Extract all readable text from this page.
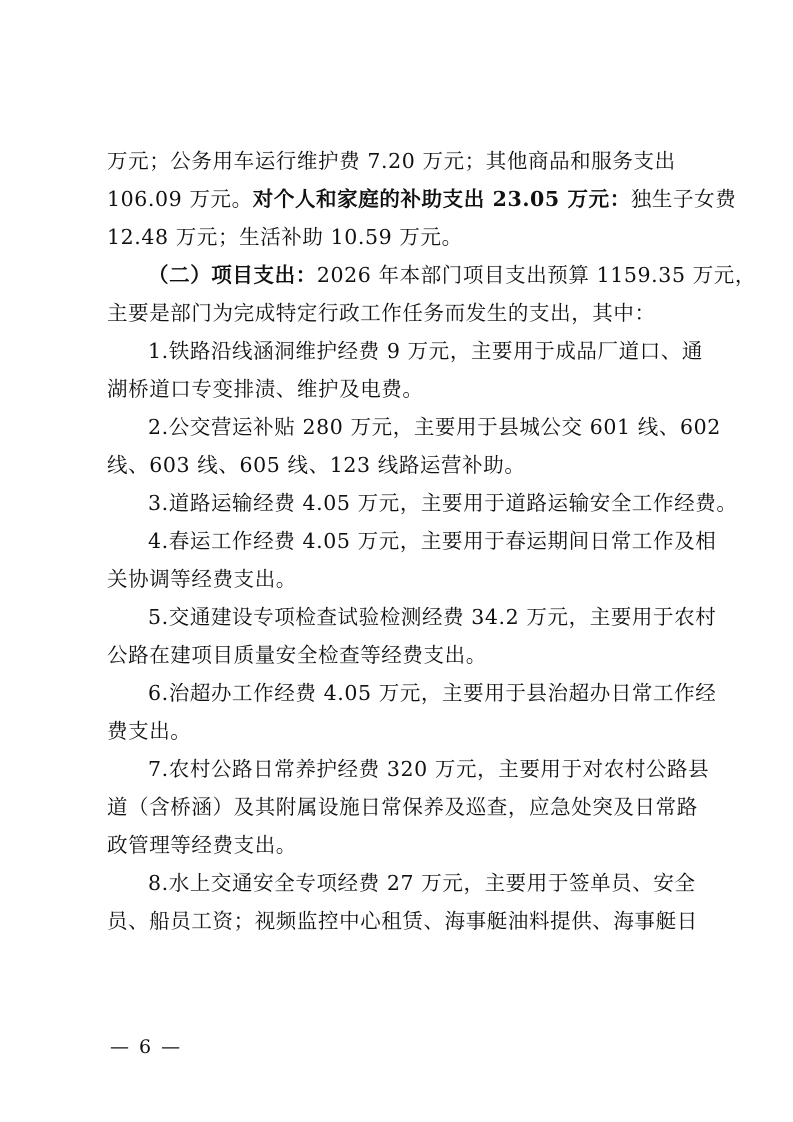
万元；公务用车运行维护费 7.20 万元；其他商品和服务支出
106.09 万元。对个人和家庭的补助支出 23.05 万元：独生子女费
12.48 万元；生活补助 10.59 万元。
（二）项目支出：2026 年本部门项目支出预算 1159.35 万元，
主要是部门为完成特定行政工作任务而发生的支出，其中：
1.铁路沿线涵洞维护经费 9 万元，主要用于成品厂道口、通
湖桥道口专变排渍、维护及电费。
2.公交营运补贴 280 万元，主要用于县城公交 601 线、602
线、603 线、605 线、123 线路运营补助。
3.道路运输经费 4.05 万元，主要用于道路运输安全工作经费。
4.春运工作经费 4.05 万元，主要用于春运期间日常工作及相
关协调等经费支出。
5.交通建设专项检查试验检测经费 34.2 万元，主要用于农村
公路在建项目质量安全检查等经费支出。
6.治超办工作经费 4.05 万元，主要用于县治超办日常工作经
费支出。
7.农村公路日常养护经费 320 万元，主要用于对农村公路县
道（含桥涵）及其附属设施日常保养及巡查，应急处突及日常路
政管理等经费支出。
8.水上交通安全专项经费 27 万元，主要用于签单员、安全
员、船员工资；视频监控中心租赁、海事艇油料提供、海事艇日
— 6 —
